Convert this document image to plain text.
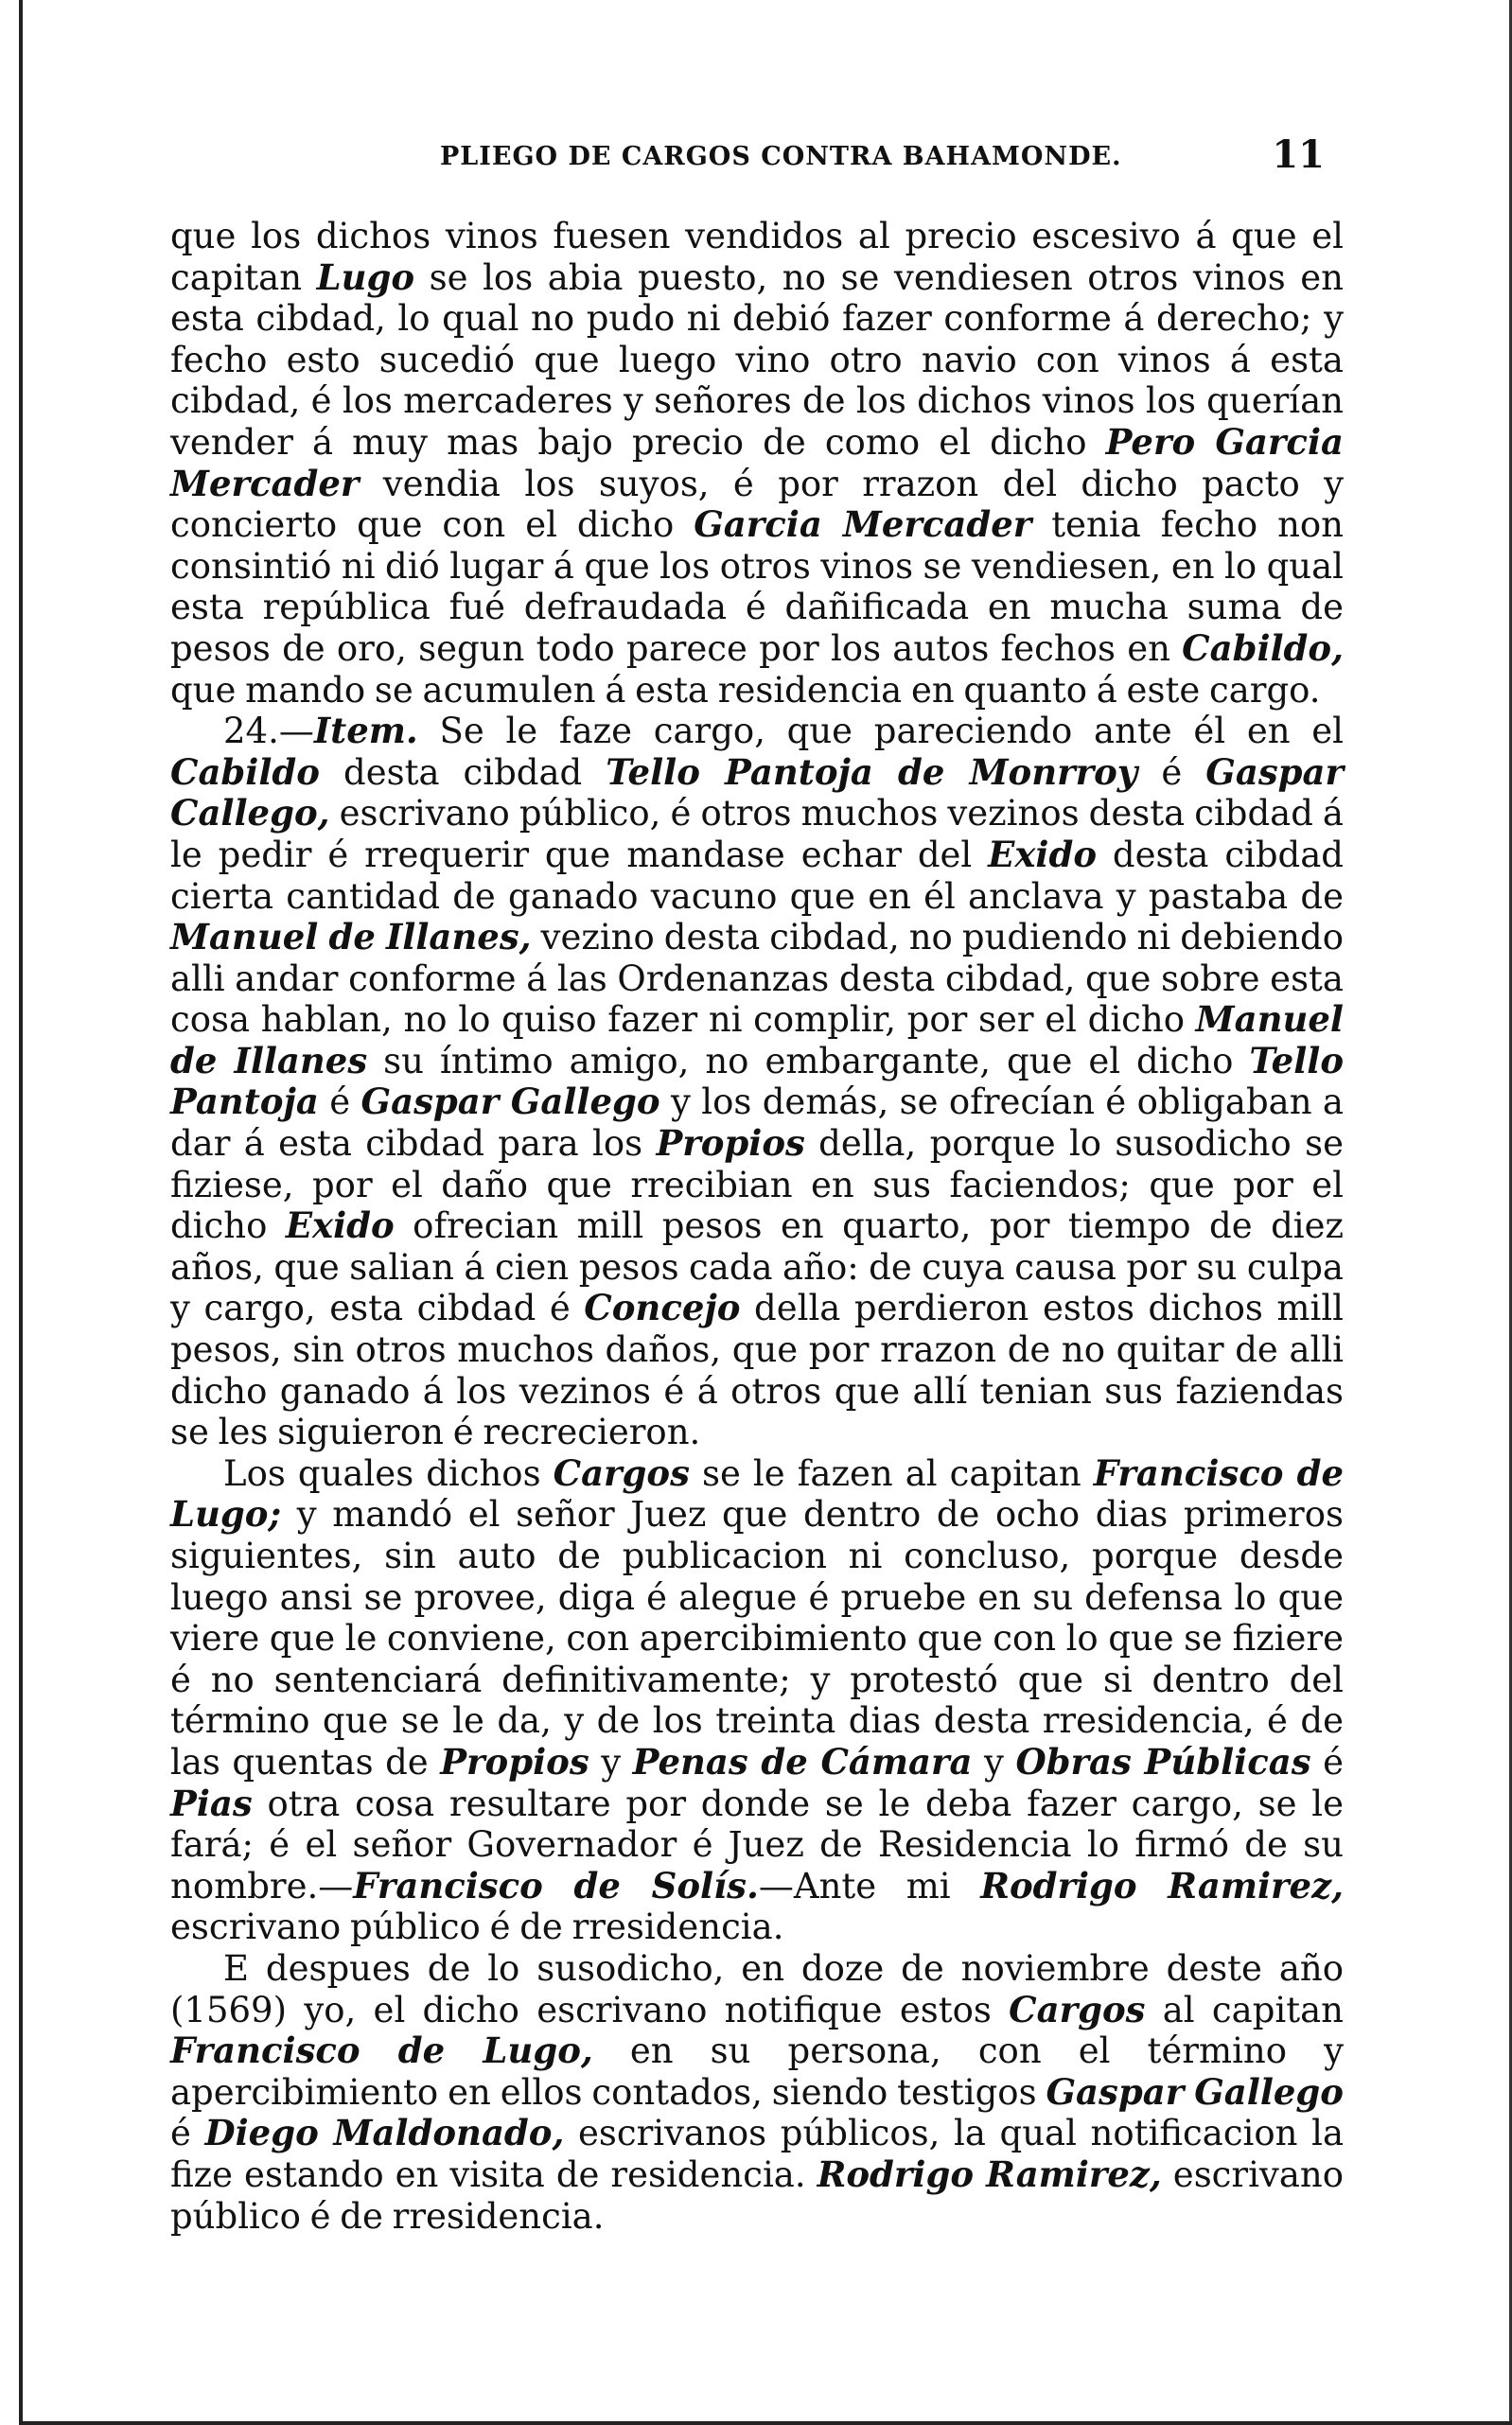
PLIEGO DE CARGOS CONTRA BAHAMONDE.	11

que los dichos vinos fuesen vendidos al precio escesivo á que el capitan Lugo se los abia puesto, no se vendiesen otros vinos en esta cibdad, lo qual no pudo ni debió fazer conforme á derecho; y fecho esto sucedió que luego vino otro navio con vinos á esta cibdad, é los mercaderes y señores de los dichos vinos los querían vender á muy mas bajo precio de como el dicho Pero Garcia Mercader vendia los suyos, é por rrazon del dicho pacto y concierto que con el dicho Garcia Mercader tenia fecho non consintió ni dió lugar á que los otros vinos se vendiesen, en lo qual esta república fué defraudada é dañificada en mucha suma de pesos de oro, segun todo parece por los autos fechos en Cabildo, que mando se acumulen á esta residencia en quanto á este cargo.

24.—Item. Se le faze cargo, que pareciendo ante él en el Cabildo desta cibdad Tello Pantoja de Monrroy é Gaspar Callego, escrivano público, é otros muchos vezinos desta cibdad á le pedir é rrequerir que mandase echar del Exido desta cibdad cierta cantidad de ganado vacuno que en él anclava y pastaba de Manuel de Illanes, vezino desta cibdad, no pudiendo ni debiendo alli andar conforme á las Ordenanzas desta cibdad, que sobre esta cosa hablan, no lo quiso fazer ni complir, por ser el dicho Manuel de Illanes su íntimo amigo, no embargante, que el dicho Tello Pantoja é Gaspar Gallego y los demás, se ofrecían é obligaban a dar á esta cibdad para los Propios della, porque lo susodicho se fiziese, por el daño que rrecibian en sus faciendos; que por el dicho Exido ofrecian mill pesos en quarto, por tiempo de diez años, que salian á cien pesos cada año: de cuya causa por su culpa y cargo, esta cibdad é Concejo della perdieron estos dichos mill pesos, sin otros muchos daños, que por rrazon de no quitar de alli dicho ganado á los vezinos é á otros que allí tenian sus faziendas se les siguieron é recrecieron.

Los quales dichos Cargos se le fazen al capitan Francisco de Lugo; y mandó el señor Juez que dentro de ocho dias primeros siguientes, sin auto de publicacion ni concluso, porque desde luego ansi se provee, diga é alegue é pruebe en su defensa lo que viere que le conviene, con apercibimiento que con lo que se fiziere é no sentenciará definitivamente; y protestó que si dentro del término que se le da, y de los treinta dias desta rresidencia, é de las quentas de Propios y Penas de Cámara y Obras Públicas é Pias otra cosa resultare por donde se le deba fazer cargo, se le fará; é el señor Governador é Juez de Residencia lo firmó de su nombre.—Francisco de Solís.—Ante mi Rodrigo Ramirez, escrivano público é de rresidencia.

E despues de lo susodicho, en doze de noviembre deste año (1569) yo, el dicho escrivano notifique estos Cargos al capitan Francisco de Lugo, en su persona, con el término y apercibimiento en ellos contados, siendo testigos Gaspar Gallego é Diego Maldonado, escrivanos públicos, la qual notificacion la fize estando en visita de residencia. Rodrigo Ramirez, escrivano público é de rresidencia.
